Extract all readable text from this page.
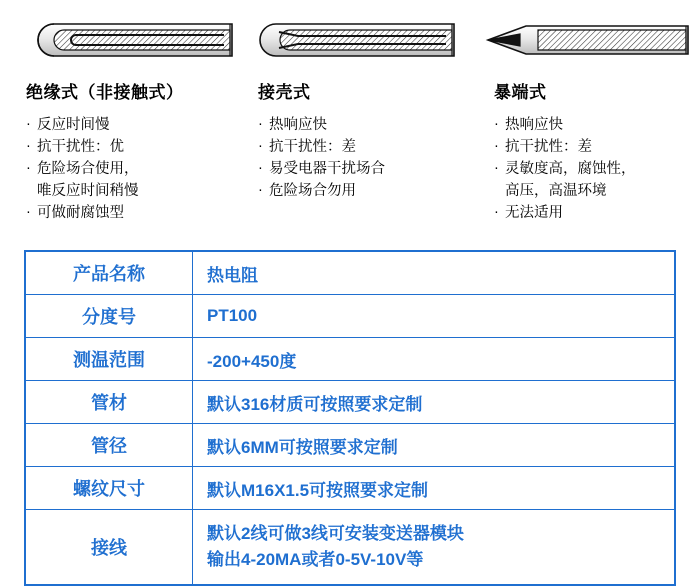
绝缘式（非接触式）
· 反应时间慢
· 抗干扰性：优
· 危险场合使用，
唯反应时间稍慢
· 可做耐腐蚀型
接壳式
· 热响应快
· 抗干扰性：差
· 易受电器干扰场合
· 危险场合勿用
暴端式
· 热响应快
· 抗干扰性：差
· 灵敏度高，腐蚀性，
高压，高温环境
· 无法适用
产品名称	热电阻
分度号	PT100
测温范围	-200+450度
管材	默认316材质可按照要求定制
管径	默认6MM可按照要求定制
螺纹尺寸	默认M16X1.5可按照要求定制
接线	默认2线可做3线可安装变送器模块
输出4-20MA或者0-5V-10V等
